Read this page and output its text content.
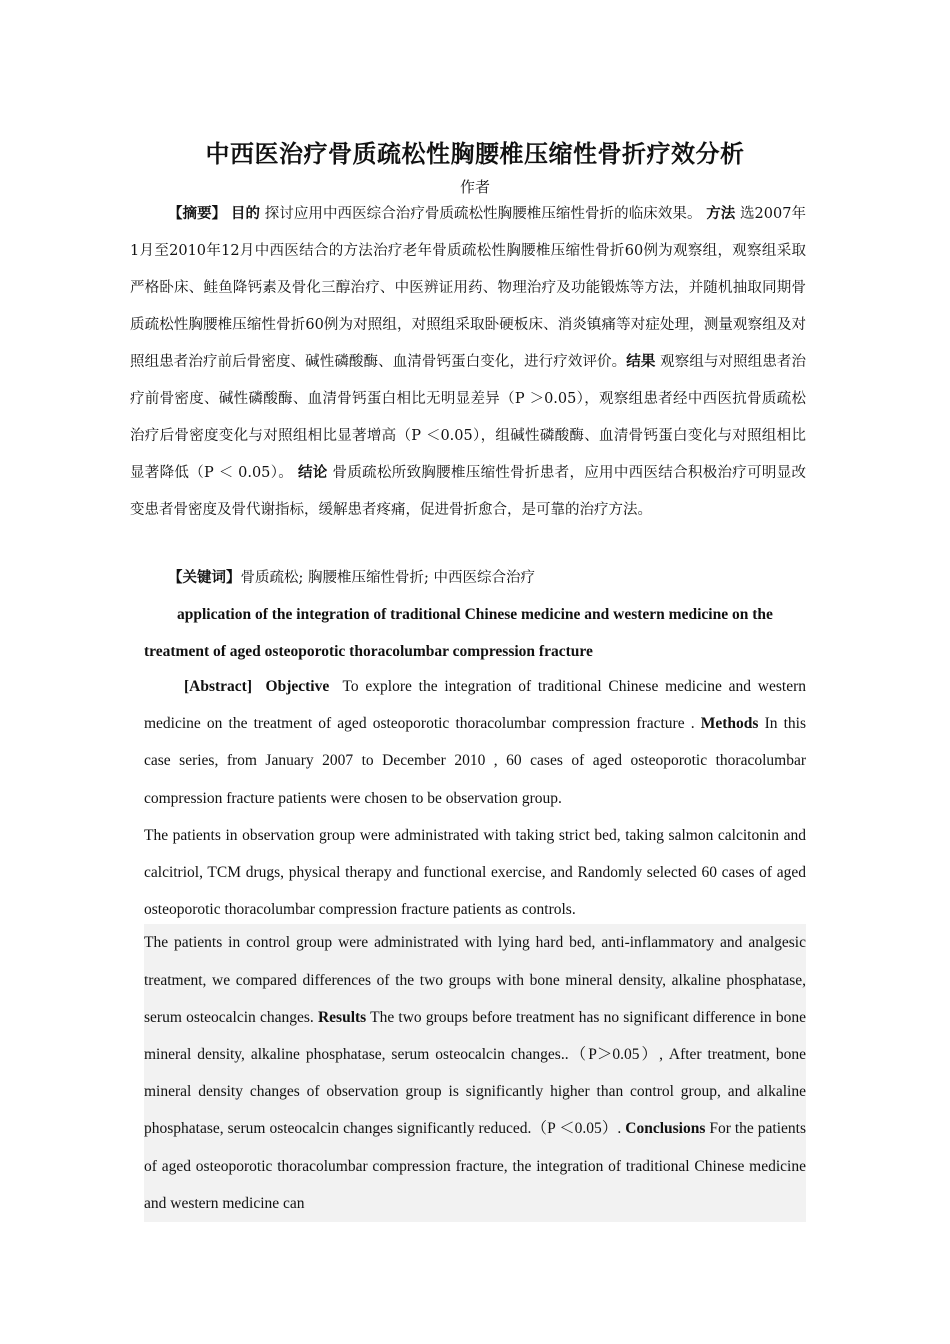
中西医治疗骨质疏松性胸腰椎压缩性骨折疗效分析
作者

【摘要】 目的 探讨应用中西医综合治疗骨质疏松性胸腰椎压缩性骨折的临床效果。 方法 选2007年1月至2010年12月中西医结合的方法治疗老年骨质疏松性胸腰椎压缩性骨折60例为观察组，观察组采取严格卧床、鲑鱼降钙素及骨化三醇治疗、中医辨证用药、物理治疗及功能锻炼等方法，并随机抽取同期骨质疏松性胸腰椎压缩性骨折60例为对照组，对照组采取卧硬板床、消炎镇痛等对症处理，测量观察组及对照组患者治疗前后骨密度、碱性磷酸酶、血清骨钙蛋白变化，进行疗效评价。结果 观察组与对照组患者治疗前骨密度、碱性磷酸酶、血清骨钙蛋白相比无明显差异（P ＞0.05），观察组患者经中西医抗骨质疏松治疗后骨密度变化与对照组相比显著增高（P ＜0.05），组碱性磷酸酶、血清骨钙蛋白变化与对照组相比显著降低（P ＜ 0.05）。 结论 骨质疏松所致胸腰椎压缩性骨折患者，应用中西医结合积极治疗可明显改变患者骨密度及骨代谢指标，缓解患者疼痛，促进骨折愈合，是可靠的治疗方法。

【关键词】骨质疏松; 胸腰椎压缩性骨折; 中西医综合治疗
application of the integration of traditional Chinese medicine and western medicine on the treatment of aged osteoporotic thoracolumbar compression fracture

[Abstract] Objective To explore the integration of traditional Chinese medicine and western medicine on the treatment of aged osteoporotic thoracolumbar compression fracture . Methods In this case series, from January 2007 to December 2010 , 60 cases of aged osteoporotic thoracolumbar compression fracture patients were chosen to be observation group.

The patients in observation group were administrated with taking strict bed, taking salmon calcitonin and calcitriol, TCM drugs, physical therapy and functional exercise, and Randomly selected 60 cases of aged osteoporotic thoracolumbar compression fracture patients as controls.

The patients in control group were administrated with lying hard bed, anti-inflammatory and analgesic treatment, we compared differences of the two groups with bone mineral density, alkaline phosphatase, serum osteocalcin changes. Results The two groups before treatment has no significant difference in bone mineral density, alkaline phosphatase, serum osteocalcin changes..（P＞0.05）, After treatment, bone mineral density changes of observation group is significantly higher than control group, and alkaline phosphatase, serum osteocalcin changes significantly reduced.（P ＜0.05）. Conclusions For the patients of aged osteoporotic thoracolumbar compression fracture, the integration of traditional Chinese medicine and western medicine can
